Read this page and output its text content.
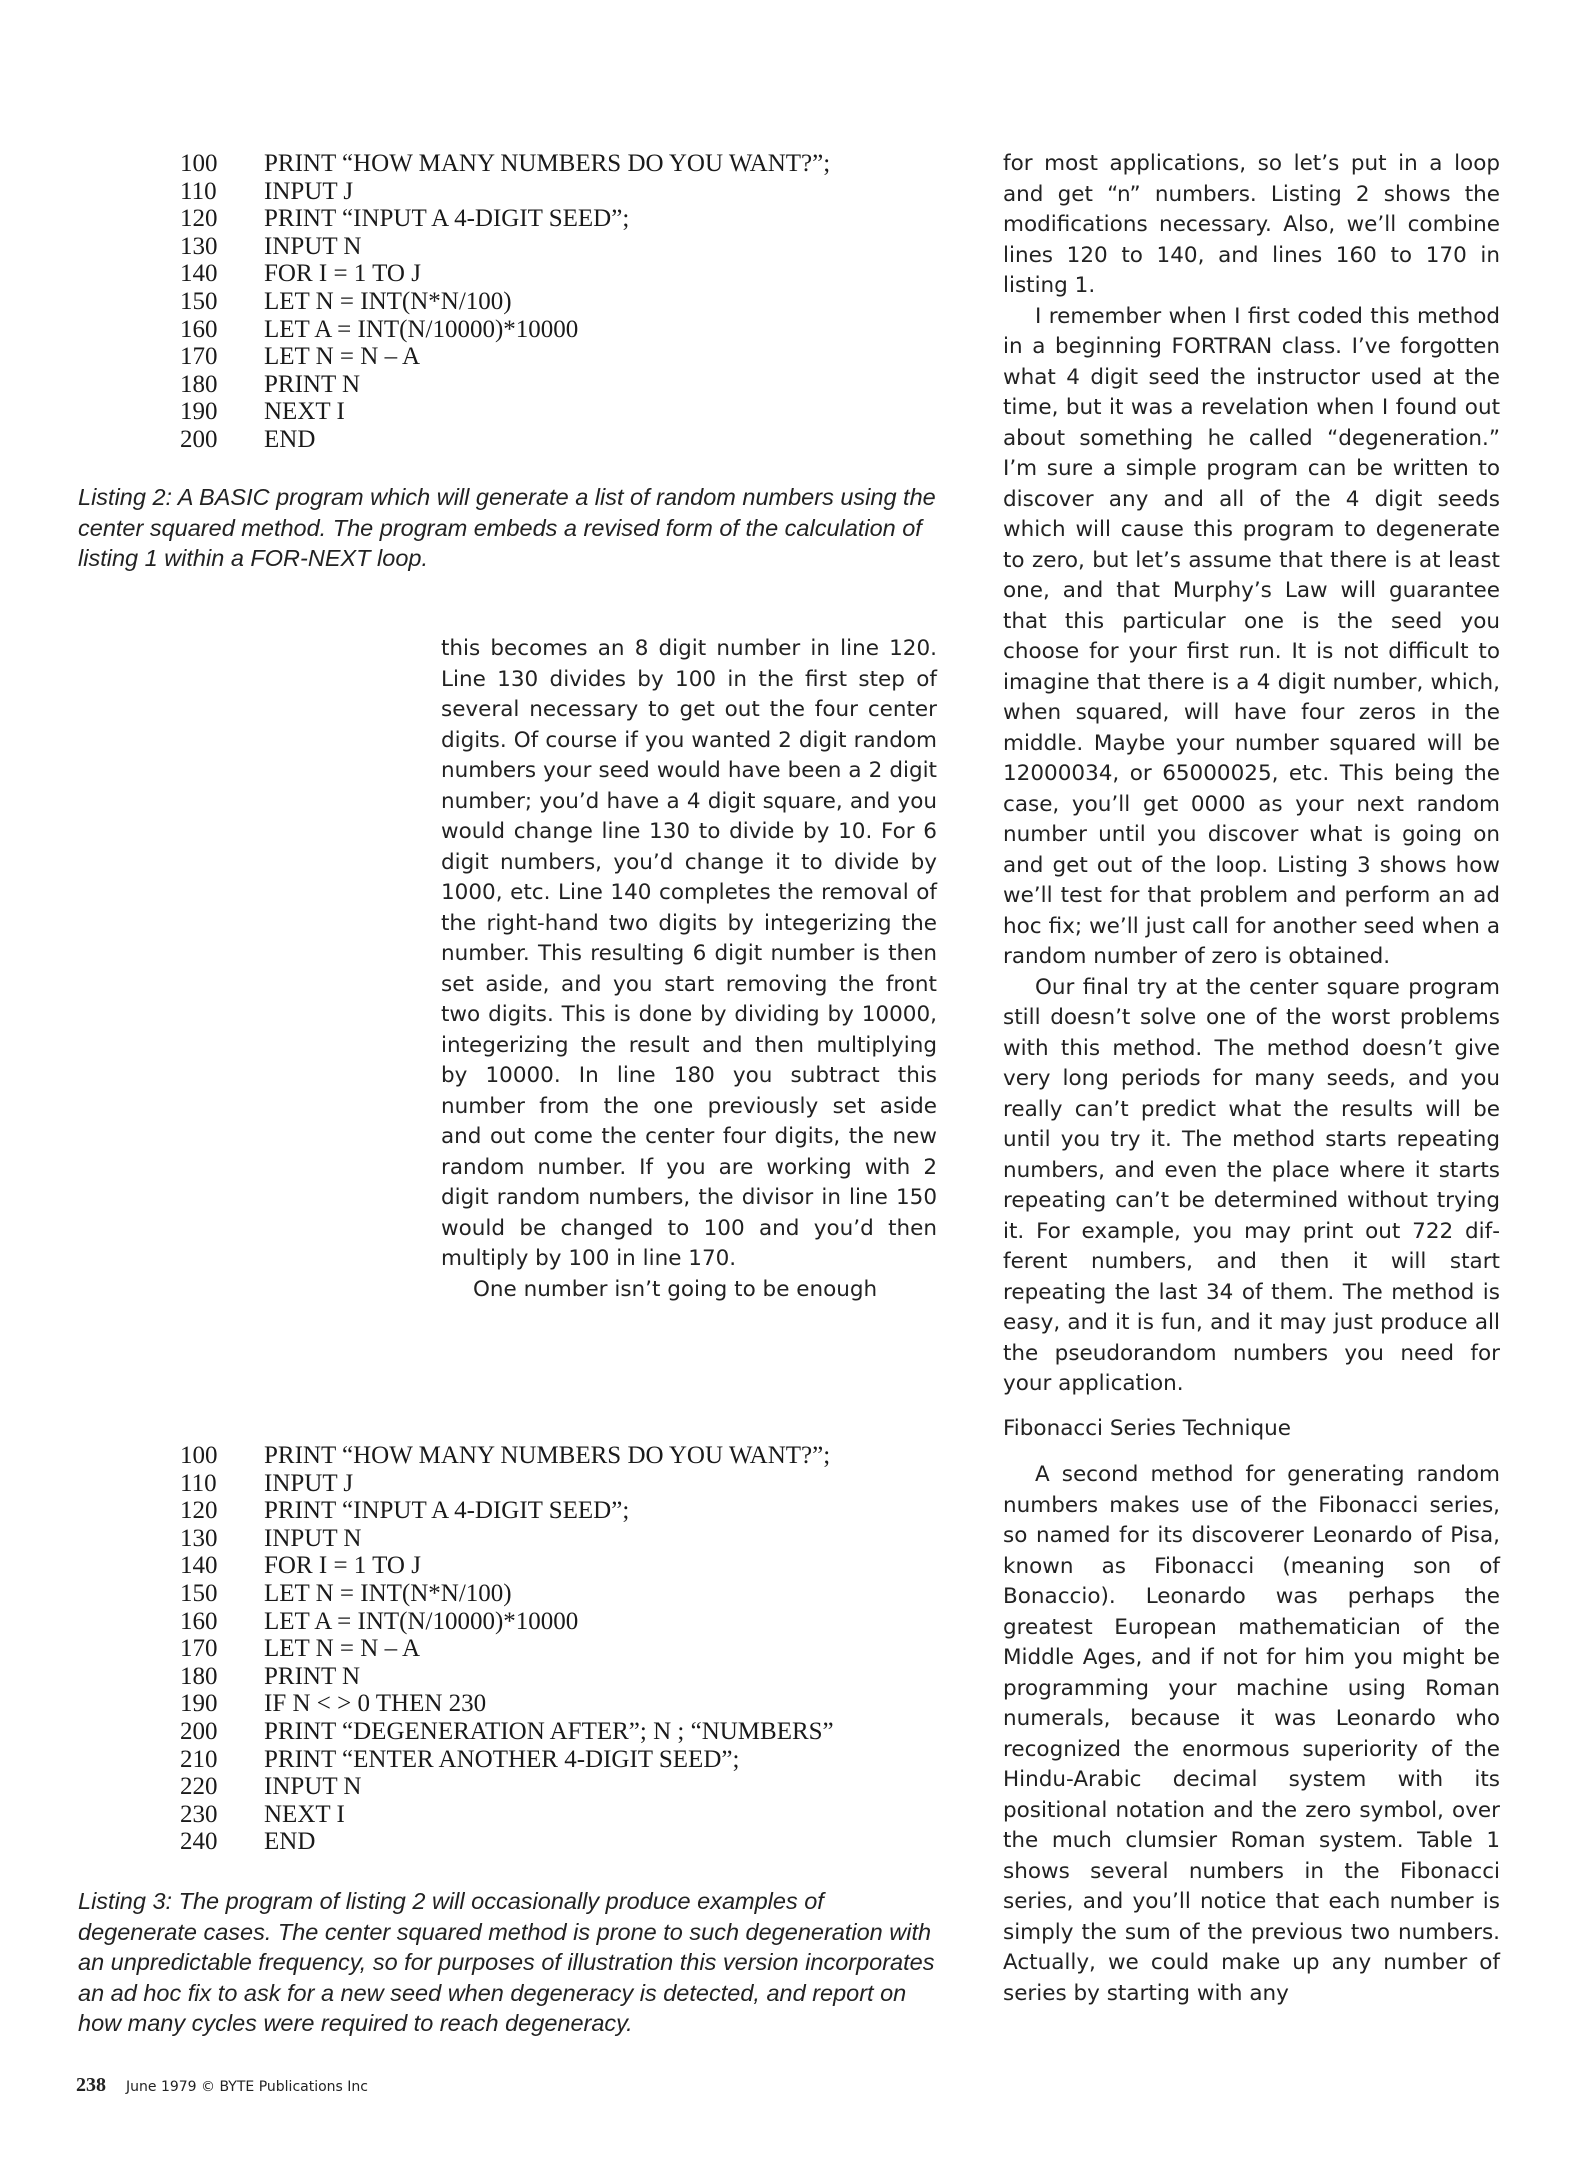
100	PRINT “HOW MANY NUMBERS DO YOU WANT?”;
110	INPUT J
120	PRINT “INPUT A 4-DIGIT SEED”;
130	INPUT N
140	FOR I = 1 TO J
150	LET N = INT(N*N/100)
160	LET A = INT(N/10000)*10000
170	LET N = N – A
180	PRINT N
190	NEXT I
200	END
Listing 2: A BASIC program which will generate a list of random numbers using the center squared method. The program embeds a revised form of the calculation of listing 1 within a FOR-NEXT loop.

this becomes an 8 digit number in line 120. Line 130 divides by 100 in the first step of several necessary to get out the four center digits. Of course if you wanted 2 digit random numbers your seed would have been a 2 digit number; you’d have a 4 digit square, and you would change line 130 to divide by 10. For 6 digit numbers, you’d change it to divide by 1000, etc. Line 140 completes the removal of the right-hand two digits by integerizing the number. This resulting 6 digit number is then set aside, and you start removing the front two digits. This is done by dividing by 10000, integerizing the result and then multiplying by 10000. In line 180 you subtract this number from the one previously set aside and out come the center four digits, the new random number. If you are working with 2 digit random numbers, the divisor in line 150 would be changed to 100 and you’d then multiply by 100 in line 170.

One number isn’t going to be enough

100	PRINT “HOW MANY NUMBERS DO YOU WANT?”;
110	INPUT J
120	PRINT “INPUT A 4-DIGIT SEED”;
130	INPUT N
140	FOR I = 1 TO J
150	LET N = INT(N*N/100)
160	LET A = INT(N/10000)*10000
170	LET N = N – A
180	PRINT N
190	IF N < > 0 THEN 230
200	PRINT “DEGENERATION AFTER”; N ; “NUMBERS”
210	PRINT “ENTER ANOTHER 4-DIGIT SEED”;
220	INPUT N
230	NEXT I
240	END
Listing 3: The program of listing 2 will occasionally produce examples of degenerate cases. The center squared method is prone to such degeneration with an unpredictable frequency, so for purposes of illustration this version incorporates an ad hoc fix to ask for a new seed when degeneracy is detected, and report on how many cycles were required to reach degeneracy.

for most applications, so let’s put in a loop and get “n” numbers. Listing 2 shows the modifications necessary. Also, we’ll combine lines 120 to 140, and lines 160 to 170 in listing 1.

I remember when I first coded this method in a beginning FORTRAN class. I’ve forgotten what 4 digit seed the instructor used at the time, but it was a revelation when I found out about something he called “degeneration.” I’m sure a simple program can be written to discover any and all of the 4 digit seeds which will cause this program to degenerate to zero, but let’s assume that there is at least one, and that Murphy’s Law will guarantee that this particular one is the seed you choose for your first run. It is not difficult to imagine that there is a 4 digit number, which, when squared, will have four zeros in the middle. Maybe your number squared will be 12000034, or 65000025, etc. This being the case, you’ll get 0000 as your next random number until you discover what is going on and get out of the loop. Listing 3 shows how we’ll test for that problem and perform an ad hoc fix; we’ll just call for another seed when a random number of zero is obtained.

Our final try at the center square program still doesn’t solve one of the worst problems with this method. The method doesn’t give very long periods for many seeds, and you really can’t predict what the results will be until you try it. The method starts repeating numbers, and even the place where it starts repeating can’t be determined without trying it. For example, you may print out 722 different numbers, and then it will start repeating the last 34 of them. The method is easy, and it is fun, and it may just produce all the pseudorandom numbers you need for your application.

Fibonacci Series Technique

A second method for generating random numbers makes use of the Fibonacci series, so named for its discoverer Leonardo of Pisa, known as Fibonacci (meaning son of Bonaccio). Leonardo was perhaps the greatest European mathematician of the Middle Ages, and if not for him you might be programming your machine using Roman numerals, because it was Leonardo who recognized the enormous superiority of the Hindu-Arabic decimal system with its positional notation and the zero symbol, over the much clumsier Roman system. Table 1 shows several numbers in the Fibonacci series, and you’ll notice that each number is simply the sum of the previous two numbers. Actually, we could make up any number of series by starting with any

238 June 1979 © BYTE Publications Inc
